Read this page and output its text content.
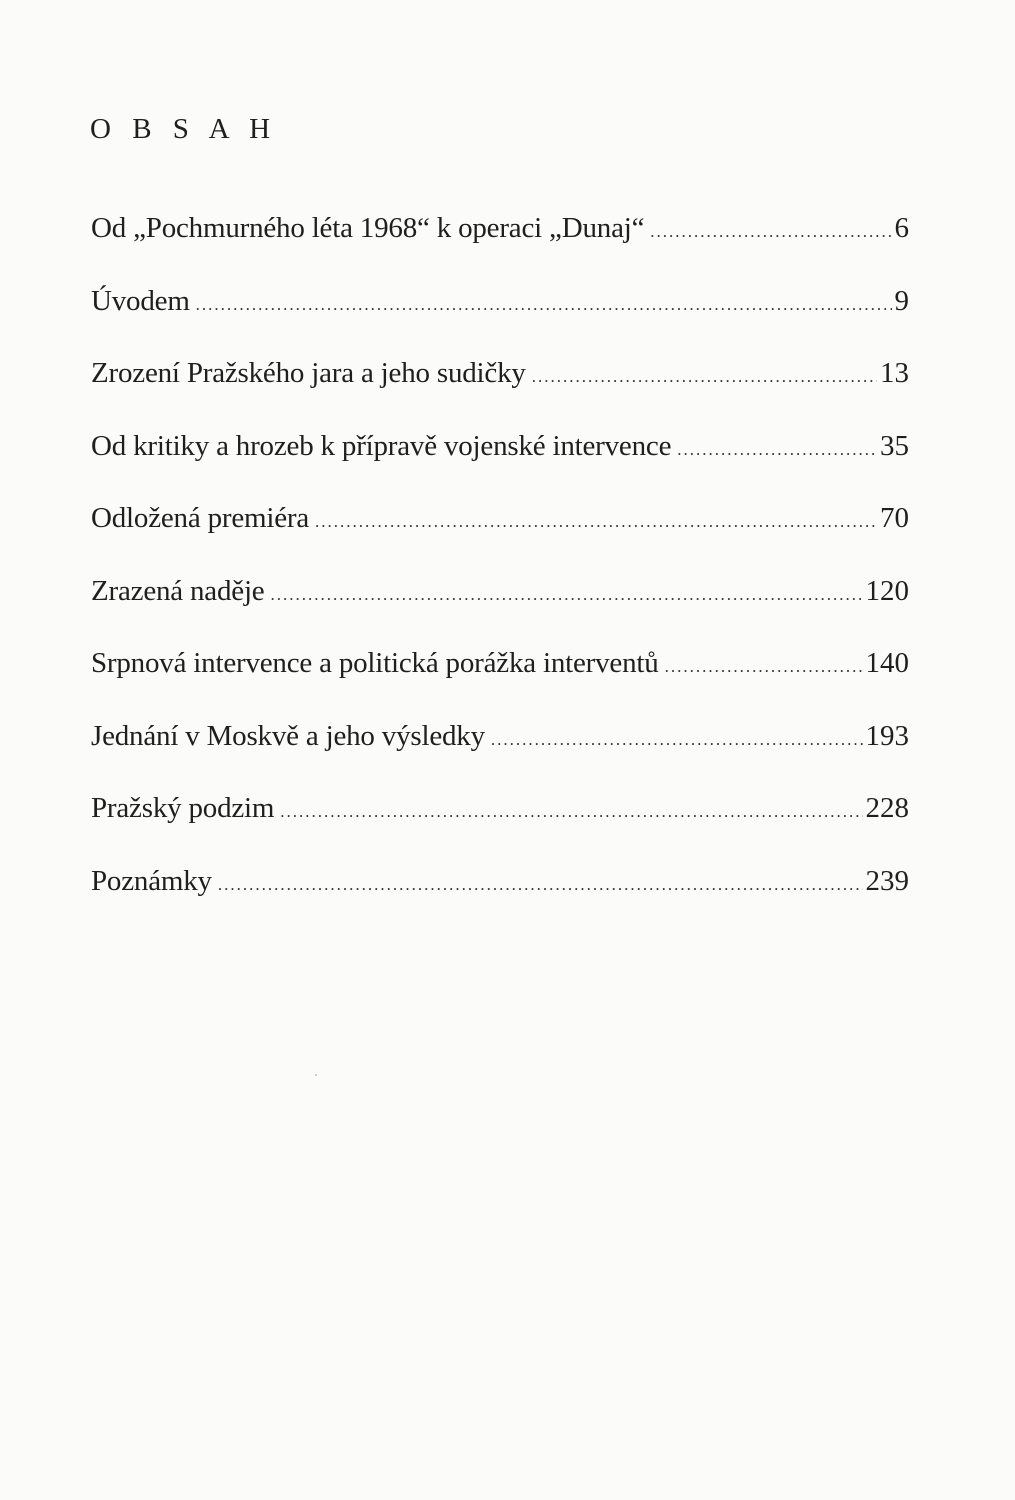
O B S A H
Od „Pochmurného léta 1968“ k operaci „Dunaj“ .....	6
Úvodem .....	9
Zrození Pražského jara a jeho sudičky .....	13
Od kritiky a hrozeb k přípravě vojenské intervence .....	35
Odložená premiéra .....	70
Zrazená naděje .....	120
Srpnová intervence a politická porážka interventů .....	140
Jednání v Moskvě a jeho výsledky .....	193
Pražský podzim .....	228
Poznámky .....	239
